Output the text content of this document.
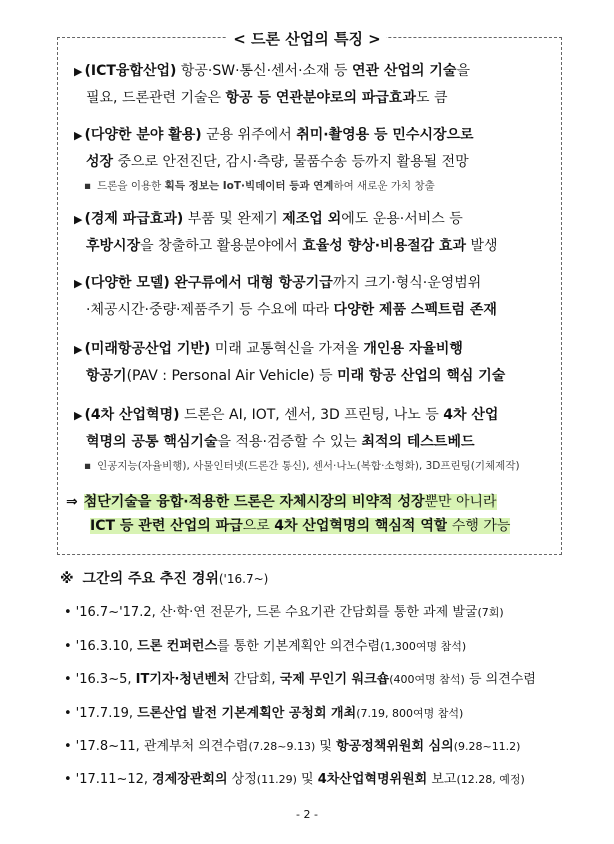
< 드론 산업의 특징 >
▶ (ICT융합산업) 항공·SW·통신·센서·소재 등 연관 산업의 기술을
필요, 드론관련 기술은 항공 등 연관분야로의 파급효과도 큼
▶ (다양한 분야 활용) 군용 위주에서 취미·촬영용 등 민수시장으로
성장 중으로 안전진단, 감시·측량, 물품수송 등까지 활용될 전망
▪ 드론을 이용한 획득 정보는 IoT·빅데이터 등과 연계하여 새로운 가치 창출
▶ (경제 파급효과) 부품 및 완제기 제조업 외에도 운용·서비스 등
후방시장을 창출하고 활용분야에서 효율성 향상·비용절감 효과 발생
▶ (다양한 모델) 완구류에서 대형 항공기급까지 크기·형식·운영범위
·체공시간·중량·제품주기 등 수요에 따라 다양한 제품 스펙트럼 존재
▶ (미래항공산업 기반) 미래 교통혁신을 가져올 개인용 자율비행
항공기(PAV : Personal Air Vehicle) 등 미래 항공 산업의 핵심 기술
▶ (4차 산업혁명) 드론은 AI, IOT, 센서, 3D 프린팅, 나노 등 4차 산업
혁명의 공통 핵심기술을 적용·검증할 수 있는 최적의 테스트베드
▪ 인공지능(자율비행), 사물인터넷(드론간 통신), 센서·나노(복합·소형화), 3D프린팅(기체제작)
⇒ 첨단기술을 융합·적용한 드론은 자체시장의 비약적 성장뿐만 아니라
ICT 등 관련 산업의 파급으로 4차 산업혁명의 핵심적 역할 수행 가능
※ 그간의 주요 추진 경위('16.7~)
• '16.7~'17.2, 산·학·연 전문가, 드론 수요기관 간담회를 통한 과제 발굴(7회)
• '16.3.10, 드론 컨퍼런스를 통한 기본계획안 의견수렴(1,300여명 참석)
• '16.3~5, IT기자·청년벤처 간담회, 국제 무인기 워크숍(400여명 참석) 등 의견수렴
• '17.7.19, 드론산업 발전 기본계획안 공청회 개최(7.19, 800여명 참석)
• '17.8~11, 관계부처 의견수렴(7.28~9.13) 및 항공정책위원회 심의(9.28~11.2)
• '17.11~12, 경제장관회의 상정(11.29) 및 4차산업혁명위원회 보고(12.28, 예정)
- 2 -
